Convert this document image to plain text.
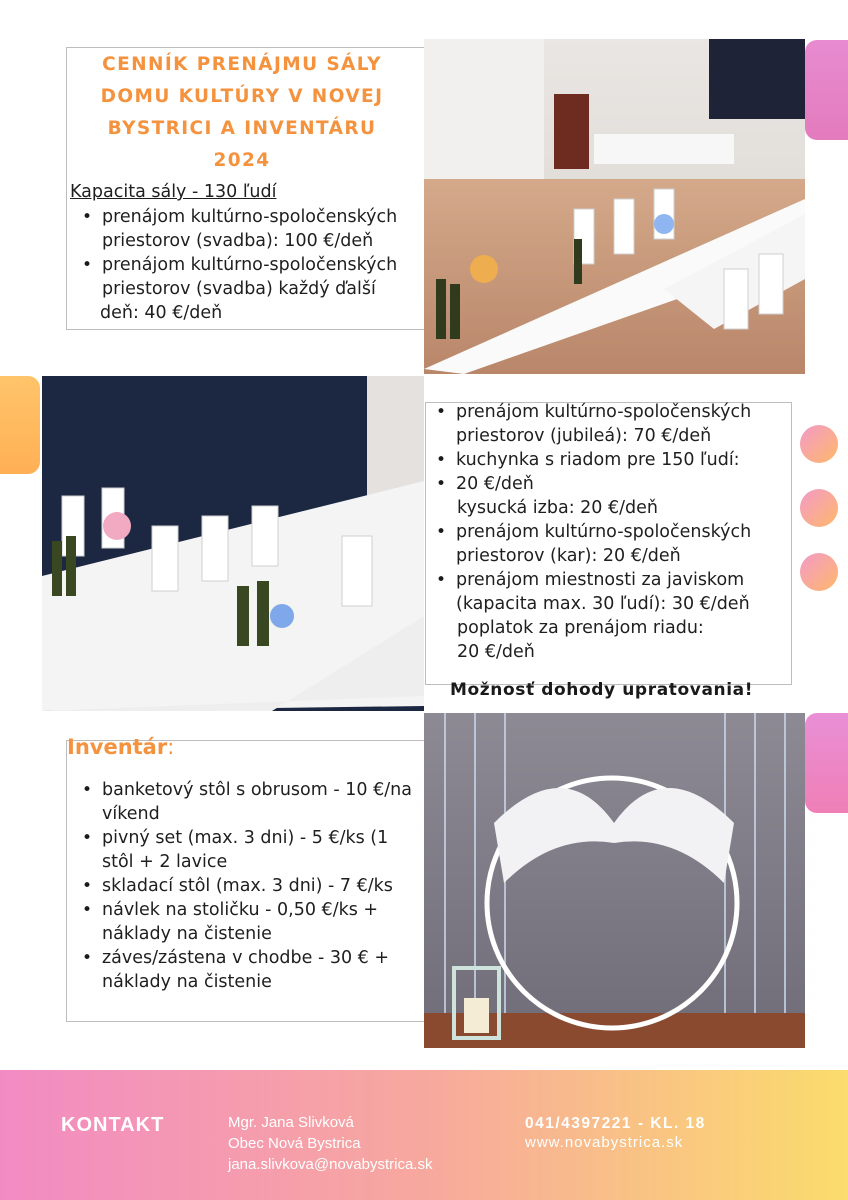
CENNÍK PRENÁJMU SÁLY
DOMU KULTÚRY V NOVEJ
BYSTRICI A INVENTÁRU
2024
Kapacita sály - 130 ľudí
• prenájom kultúrno-spoločenských priestorov (svadba): 100 €/deň
• prenájom kultúrno-spoločenských priestorov (svadba) každý ďalší
deň: 40 €/deň
• prenájom kultúrno-spoločenských priestorov (jubileá): 70 €/deň
• kuchynka s riadom pre 150 ľudí:
• 20 €/deň
kysucká izba: 20 €/deň
• prenájom kultúrno-spoločenských priestorov (kar): 20 €/deň
• prenájom miestnosti za javiskom (kapacita max. 30 ľudí): 30 €/deň
poplatok za prenájom riadu:
20 €/deň
Možnosť dohody upratovania!
Inventár:
• banketový stôl s obrusom - 10 €/na víkend
• pivný set (max. 3 dni) - 5 €/ks (1 stôl + 2 lavice
• skladací stôl (max. 3 dni) - 7 €/ks
• návlek na stoličku - 0,50 €/ks + náklady na čistenie
• záves/zástena v chodbe - 30 € + náklady na čistenie
KONTAKT	Mgr. Jana Slivková
Obec Nová Bystrica
jana.slivkova@novabystrica.sk
041/4397221 - KL. 18
www.novabystrica.sk
